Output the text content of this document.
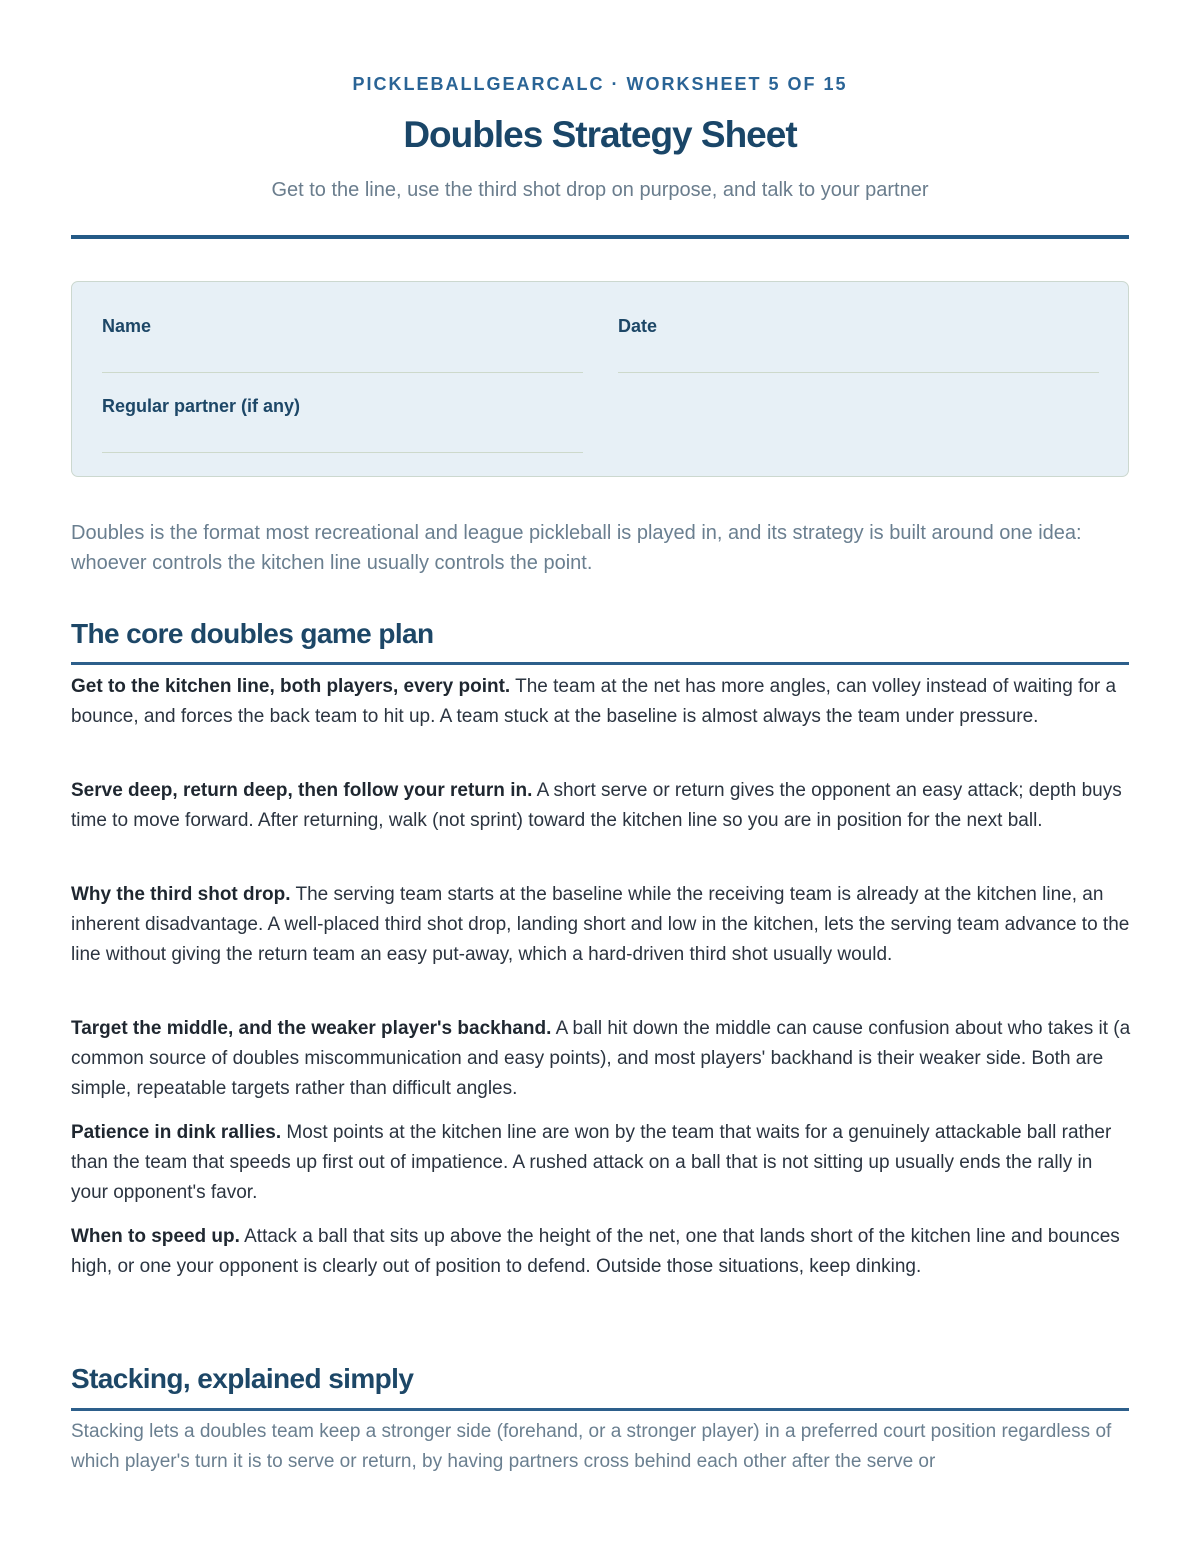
PICKLEBALLGEARCALC · WORKSHEET 5 OF 15

Doubles Strategy Sheet

Get to the line, use the third shot drop on purpose, and talk to your partner

Name	Date
Regular partner (if any)

Doubles is the format most recreational and league pickleball is played in, and its strategy is built around one idea: whoever controls the kitchen line usually controls the point.

The core doubles game plan

Get to the kitchen line, both players, every point. The team at the net has more angles, can volley instead of waiting for a bounce, and forces the back team to hit up. A team stuck at the baseline is almost always the team under pressure.

Serve deep, return deep, then follow your return in. A short serve or return gives the opponent an easy attack; depth buys time to move forward. After returning, walk (not sprint) toward the kitchen line so you are in position for the next ball.

Why the third shot drop. The serving team starts at the baseline while the receiving team is already at the kitchen line, an inherent disadvantage. A well-placed third shot drop, landing short and low in the kitchen, lets the serving team advance to the line without giving the return team an easy put-away, which a hard-driven third shot usually would.

Target the middle, and the weaker player's backhand. A ball hit down the middle can cause confusion about who takes it (a common source of doubles miscommunication and easy points), and most players' backhand is their weaker side. Both are simple, repeatable targets rather than difficult angles.

Patience in dink rallies. Most points at the kitchen line are won by the team that waits for a genuinely attackable ball rather than the team that speeds up first out of impatience. A rushed attack on a ball that is not sitting up usually ends the rally in your opponent's favor.

When to speed up. Attack a ball that sits up above the height of the net, one that lands short of the kitchen line and bounces high, or one your opponent is clearly out of position to defend. Outside those situations, keep dinking.

Stacking, explained simply

Stacking lets a doubles team keep a stronger side (forehand, or a stronger player) in a preferred court position regardless of which player's turn it is to serve or return, by having partners cross behind each other after the serve or
